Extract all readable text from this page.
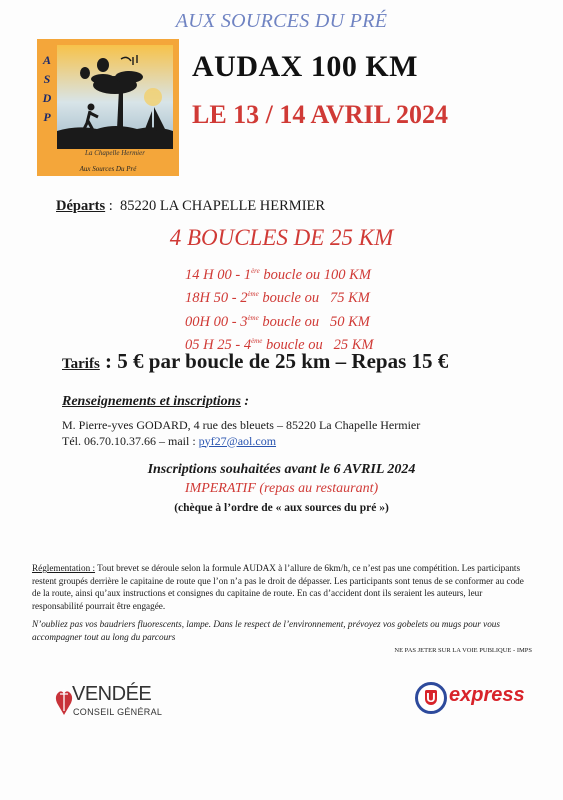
AUX SOURCES DU PRÉ
A
S
D
P
La Chapelle Hermier
Aux Sources Du Pré
AUDAX 100 KM
LE 13 / 14 AVRIL 2024
Départs : 85220 LA CHAPELLE HERMIER
4 BOUCLES DE 25 KM
14 H 00 - 1ère boucle ou 100 KM
18H 50 - 2ème boucle ou   75 KM
00H 00 - 3ème boucle ou   50 KM
05 H 25 - 4ème boucle ou   25 KM
Tarifs : 5 € par boucle de 25 km – Repas 15 €
Renseignements et inscriptions :
M. Pierre-yves GODARD, 4 rue des bleuets – 85220 La Chapelle Hermier
Tél. 06.70.10.37.66 – mail : pyf27@aol.com
Inscriptions souhaitées avant le 6 AVRIL 2024
IMPERATIF (repas au restaurant)
(chèque à l’ordre de « aux sources du pré »)
Réglementation : Tout brevet se déroule selon la formule AUDAX à l’allure de 6km/h, ce n’est pas une compétition. Les participants restent groupés derrière le capitaine de route que l’on n’a pas le droit de dépasser. Les participants sont tenus de se conformer au code de la route, ainsi qu’aux instructions et consignes du capitaine de route. En cas d’accident dont ils seraient les auteurs, leur responsabilité pourrait être engagée.
N’oubliez pas vos baudriers fluorescents, lampe. Dans le respect de l’environnement, prévoyez vos gobelets ou mugs pour vous accompagner tout au long du parcours
NE PAS JETER SUR LA VOIE PUBLIQUE - IMPS
VENDÉE
CONSEIL GÉNÉRAL
U express
